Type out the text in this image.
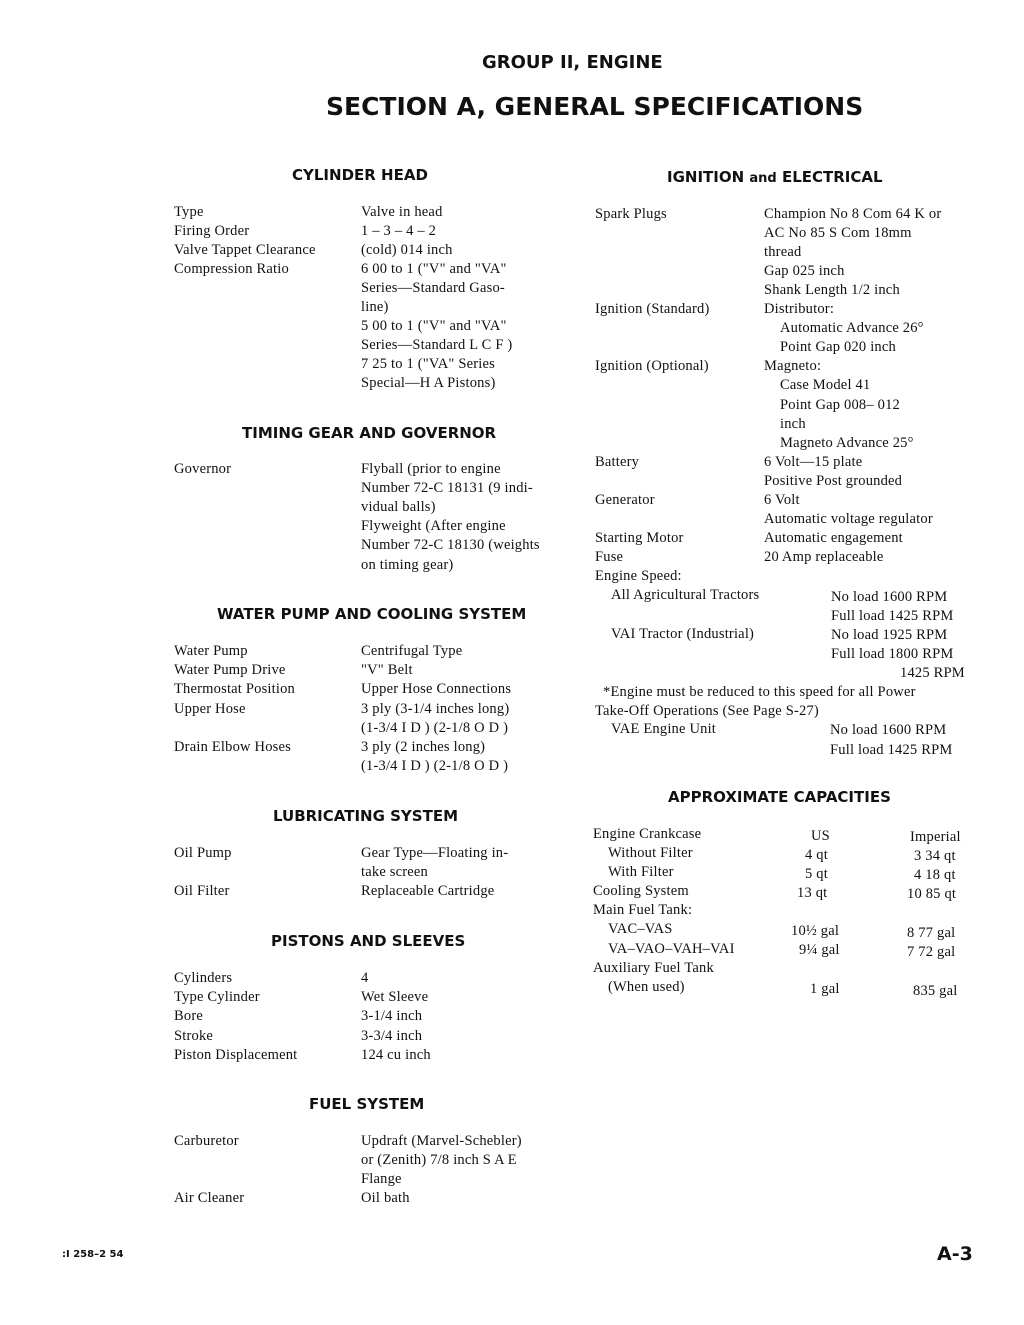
GROUP II, ENGINE
SECTION A, GENERAL SPECIFICATIONS
CYLINDER HEAD
Type	Valve in head
Firing Order	1 – 3 – 4 – 2
Valve Tappet Clearance	(cold) 014 inch
Compression Ratio	6 00 to 1 ("V" and "VA"
Series—Standard Gaso-
line)
5 00 to 1 ("V" and "VA"
Series—Standard L C F )
7 25 to 1 ("VA" Series
Special—H A Pistons)
TIMING GEAR AND GOVERNOR
Governor	Flyball (prior to engine
Number 72-C 18131 (9 indi-
vidual balls)
Flyweight (After engine
Number 72-C 18130 (weights
on timing gear)
WATER PUMP AND COOLING SYSTEM
Water Pump	Centrifugal Type
Water Pump Drive	"V" Belt
Thermostat Position	Upper Hose Connections
Upper Hose	3 ply (3-1/4 inches long)
(1-3/4 I D ) (2-1/8 O D )
Drain Elbow Hoses	3 ply (2 inches long)
(1-3/4 I D ) (2-1/8 O D )
LUBRICATING SYSTEM
Oil Pump	Gear Type—Floating in-
take screen
Oil Filter	Replaceable Cartridge
PISTONS AND SLEEVES
Cylinders	4
Type Cylinder	Wet Sleeve
Bore	3-1/4 inch
Stroke	3-3/4 inch
Piston Displacement	124 cu inch
FUEL SYSTEM
Carburetor	Updraft (Marvel-Schebler)
or (Zenith) 7/8 inch S A E
Flange
Air Cleaner	Oil bath
IGNITION and ELECTRICAL
Spark Plugs	Champion No 8 Com 64 K or
AC No 85 S Com 18mm
thread
Gap 025 inch
Shank Length 1/2 inch
Ignition (Standard)	Distributor:
Automatic Advance 26°
Point Gap 020 inch
Ignition (Optional)	Magneto:
Case Model 41
Point Gap 008– 012
inch
Magneto Advance 25°
Battery	6 Volt—15 plate
Positive Post grounded
Generator	6 Volt
Automatic voltage regulator
Starting Motor	Automatic engagement
Fuse	20 Amp replaceable
Engine Speed:
All Agricultural Tractors	No load 1600 RPM
Full load 1425 RPM
VAI Tractor (Industrial)	No load 1925 RPM
Full load 1800 RPM
1425 RPM
*Engine must be reduced to this speed for all Power
Take-Off Operations (See Page S-27)
VAE Engine Unit	No load 1600 RPM
Full load 1425 RPM
APPROXIMATE CAPACITIES
Engine Crankcase	US	Imperial
Without Filter	4 qt	3 34 qt
With Filter	5 qt	4 18 qt
Cooling System	13 qt	10 85 qt
Main Fuel Tank:
VAC–VAS	10½ gal	8 77 gal
VA–VAO–VAH–VAI	9¼ gal	7 72 gal
Auxiliary Fuel Tank
(When used)	1 gal	835 gal
:I 258–2 54	A-3
